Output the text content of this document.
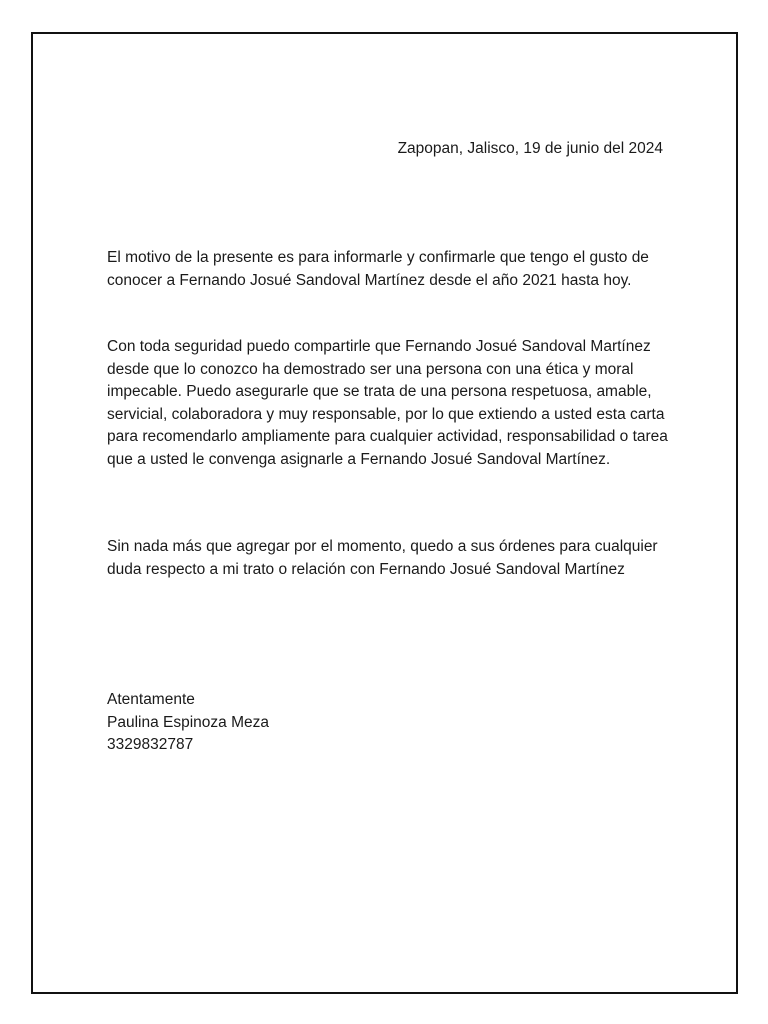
Zapopan, Jalisco, 19 de junio del 2024
El motivo de la presente es para informarle y confirmarle que tengo el gusto de conocer a Fernando Josué Sandoval Martínez desde el año 2021 hasta hoy.
Con toda seguridad puedo compartirle que Fernando Josué Sandoval Martínez desde que lo conozco ha demostrado ser una persona con una ética y moral impecable. Puedo asegurarle que se trata de una persona respetuosa, amable, servicial, colaboradora y muy responsable, por lo que extiendo a usted esta carta para recomendarlo ampliamente para cualquier actividad, responsabilidad o tarea que a usted le convenga asignarle a Fernando Josué Sandoval Martínez.
Sin nada más que agregar por el momento, quedo a sus órdenes para cualquier duda respecto a mi trato o relación con Fernando Josué Sandoval Martínez
Atentamente
Paulina Espinoza Meza
3329832787
